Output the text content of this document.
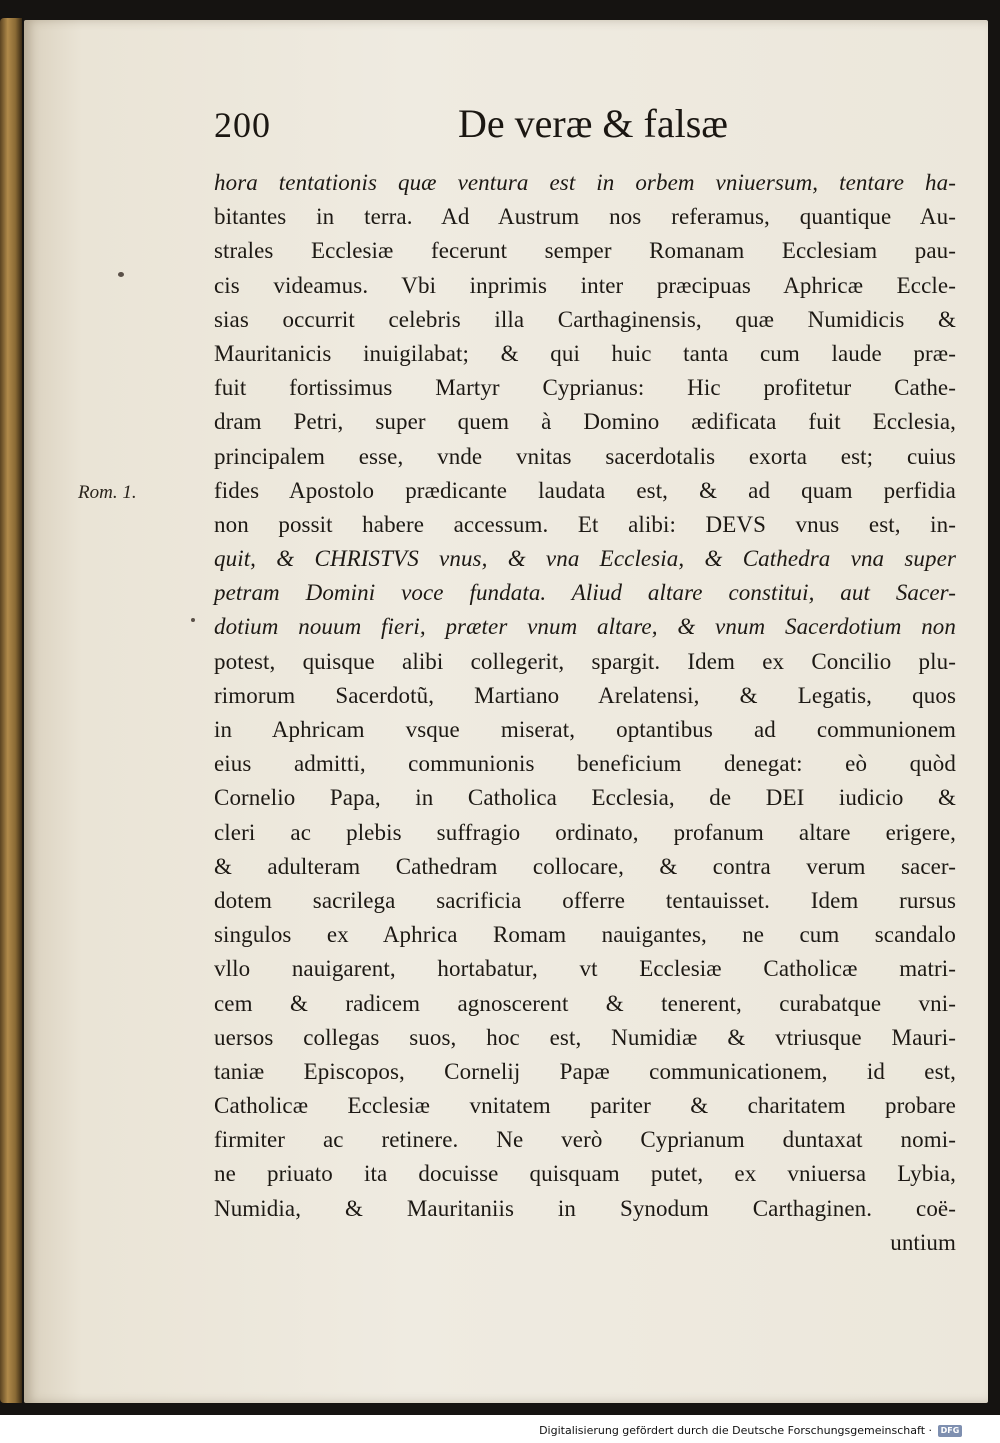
200	De veræ & falsæ
Rom. 1.
hora tentationis quæ ventura est in orbem vniuersum, tentare ha-
bitantes in terra. Ad Austrum nos referamus, quantique Au-
strales Ecclesiæ fecerunt semper Romanam Ecclesiam pau-
cis videamus. Vbi inprimis inter præcipuas Aphricæ Eccle-
sias occurrit celebris illa Carthaginensis, quæ Numidicis &
Mauritanicis inuigilabat; & qui huic tanta cum laude præ-
fuit fortissimus Martyr Cyprianus: Hic profitetur Cathe-
dram Petri, super quem à Domino ædificata fuit Ecclesia,
principalem esse, vnde vnitas sacerdotalis exorta est; cuius
fides Apostolo prædicante laudata est, & ad quam perfidia
non possit habere accessum. Et alibi: DEVS vnus est, in-
quit, & CHRISTVS vnus, & vna Ecclesia, & Cathedra vna super
petram Domini voce fundata. Aliud altare constitui, aut Sacer-
dotium nouum fieri, præter vnum altare, & vnum Sacerdotium non
potest, quisque alibi collegerit, spargit. Idem ex Concilio plu-
rimorum Sacerdotũ, Martiano Arelatensi, & Legatis, quos
in Aphricam vsque miserat, optantibus ad communionem
eius admitti, communionis beneficium denegat: eò quòd
Cornelio Papa, in Catholica Ecclesia, de DEI iudicio &
cleri ac plebis suffragio ordinato, profanum altare erigere,
& adulteram Cathedram collocare, & contra verum sacer-
dotem sacrilega sacrificia offerre tentauisset. Idem rursus
singulos ex Aphrica Romam nauigantes, ne cum scandalo
vllo nauigarent, hortabatur, vt Ecclesiæ Catholicæ matri-
cem & radicem agnoscerent & tenerent, curabatque vni-
uersos collegas suos, hoc est, Numidiæ & vtriusque Mauri-
taniæ Episcopos, Cornelij Papæ communicationem, id est,
Catholicæ Ecclesiæ vnitatem pariter & charitatem probare
firmiter ac retinere. Ne verò Cyprianum duntaxat nomi-
ne priuato ita docuisse quisquam putet, ex vniuersa Lybia,
Numidia, & Mauritaniis in Synodum Carthaginen. coë-
untium
Digitalisierung gefördert durch die Deutsche Forschungsgemeinschaft ·	DFG
